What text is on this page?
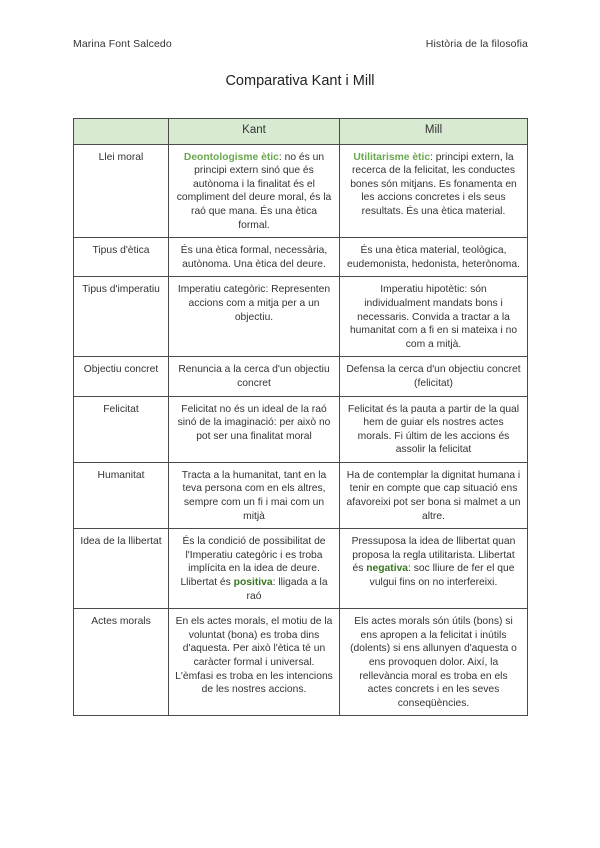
Marina Font Salcedo	Història de la filosofia
Comparativa Kant i Mill
	Kant	Mill
Llei moral	Deontologisme ètic: no és un principi extern sinó que és autònoma i la finalitat és el compliment del deure moral, és la raó que mana. És una ètica formal.	Utilitarisme ètic: principi extern, la recerca de la felicitat, les conductes bones són mitjans. Es fonamenta en les accions concretes i els seus resultats. És una ètica material.
Tipus d'ètica	És una ètica formal, necessària, autònoma. Una ètica del deure.	És una ètica material, teològica, eudemonista, hedonista, heterònoma.
Tipus d'imperatiu	Imperatiu categòric: Representen accions com a mitja per a un objectiu.	Imperatiu hipotètic: són individualment mandats bons i necessaris. Convida a tractar a la humanitat com a fi en si mateixa i no com a mitjà.
Objectiu concret	Renuncia a la cerca d'un objectiu concret	Defensa la cerca d'un objectiu concret (felicitat)
Felicitat	Felicitat no és un ideal de la raó sinó de la imaginació: per això no pot ser una finalitat moral	Felicitat és la pauta a partir de la qual hem de guiar els nostres actes morals. Fi últim de les accions és assolir la felicitat
Humanitat	Tracta a la humanitat, tant en la teva persona com en els altres, sempre com un fi i mai com un mitjà	Ha de contemplar la dignitat humana i tenir en compte que cap situació ens afavoreixi pot ser bona si malmet a un altre.
Idea de la llibertat	És la condició de possibilitat de l'Imperatiu categòric i es troba implícita en la idea de deure. Llibertat és positiva: lligada a la raó	Pressuposa la idea de llibertat quan proposa la regla utilitarista. Llibertat és negativa: soc lliure de fer el que vulgui fins on no interfereixi.
Actes morals	En els actes morals, el motiu de la voluntat (bona) es troba dins d'aquesta. Per això l'ètica té un caràcter formal i universal. L'èmfasi es troba en les intencions de les nostres accions.	Els actes morals són útils (bons) si ens apropen a la felicitat i inútils (dolents) si ens allunyen d'aquesta o ens provoquen dolor. Així, la rellevància moral es troba en els actes concrets i en les seves conseqüències.
